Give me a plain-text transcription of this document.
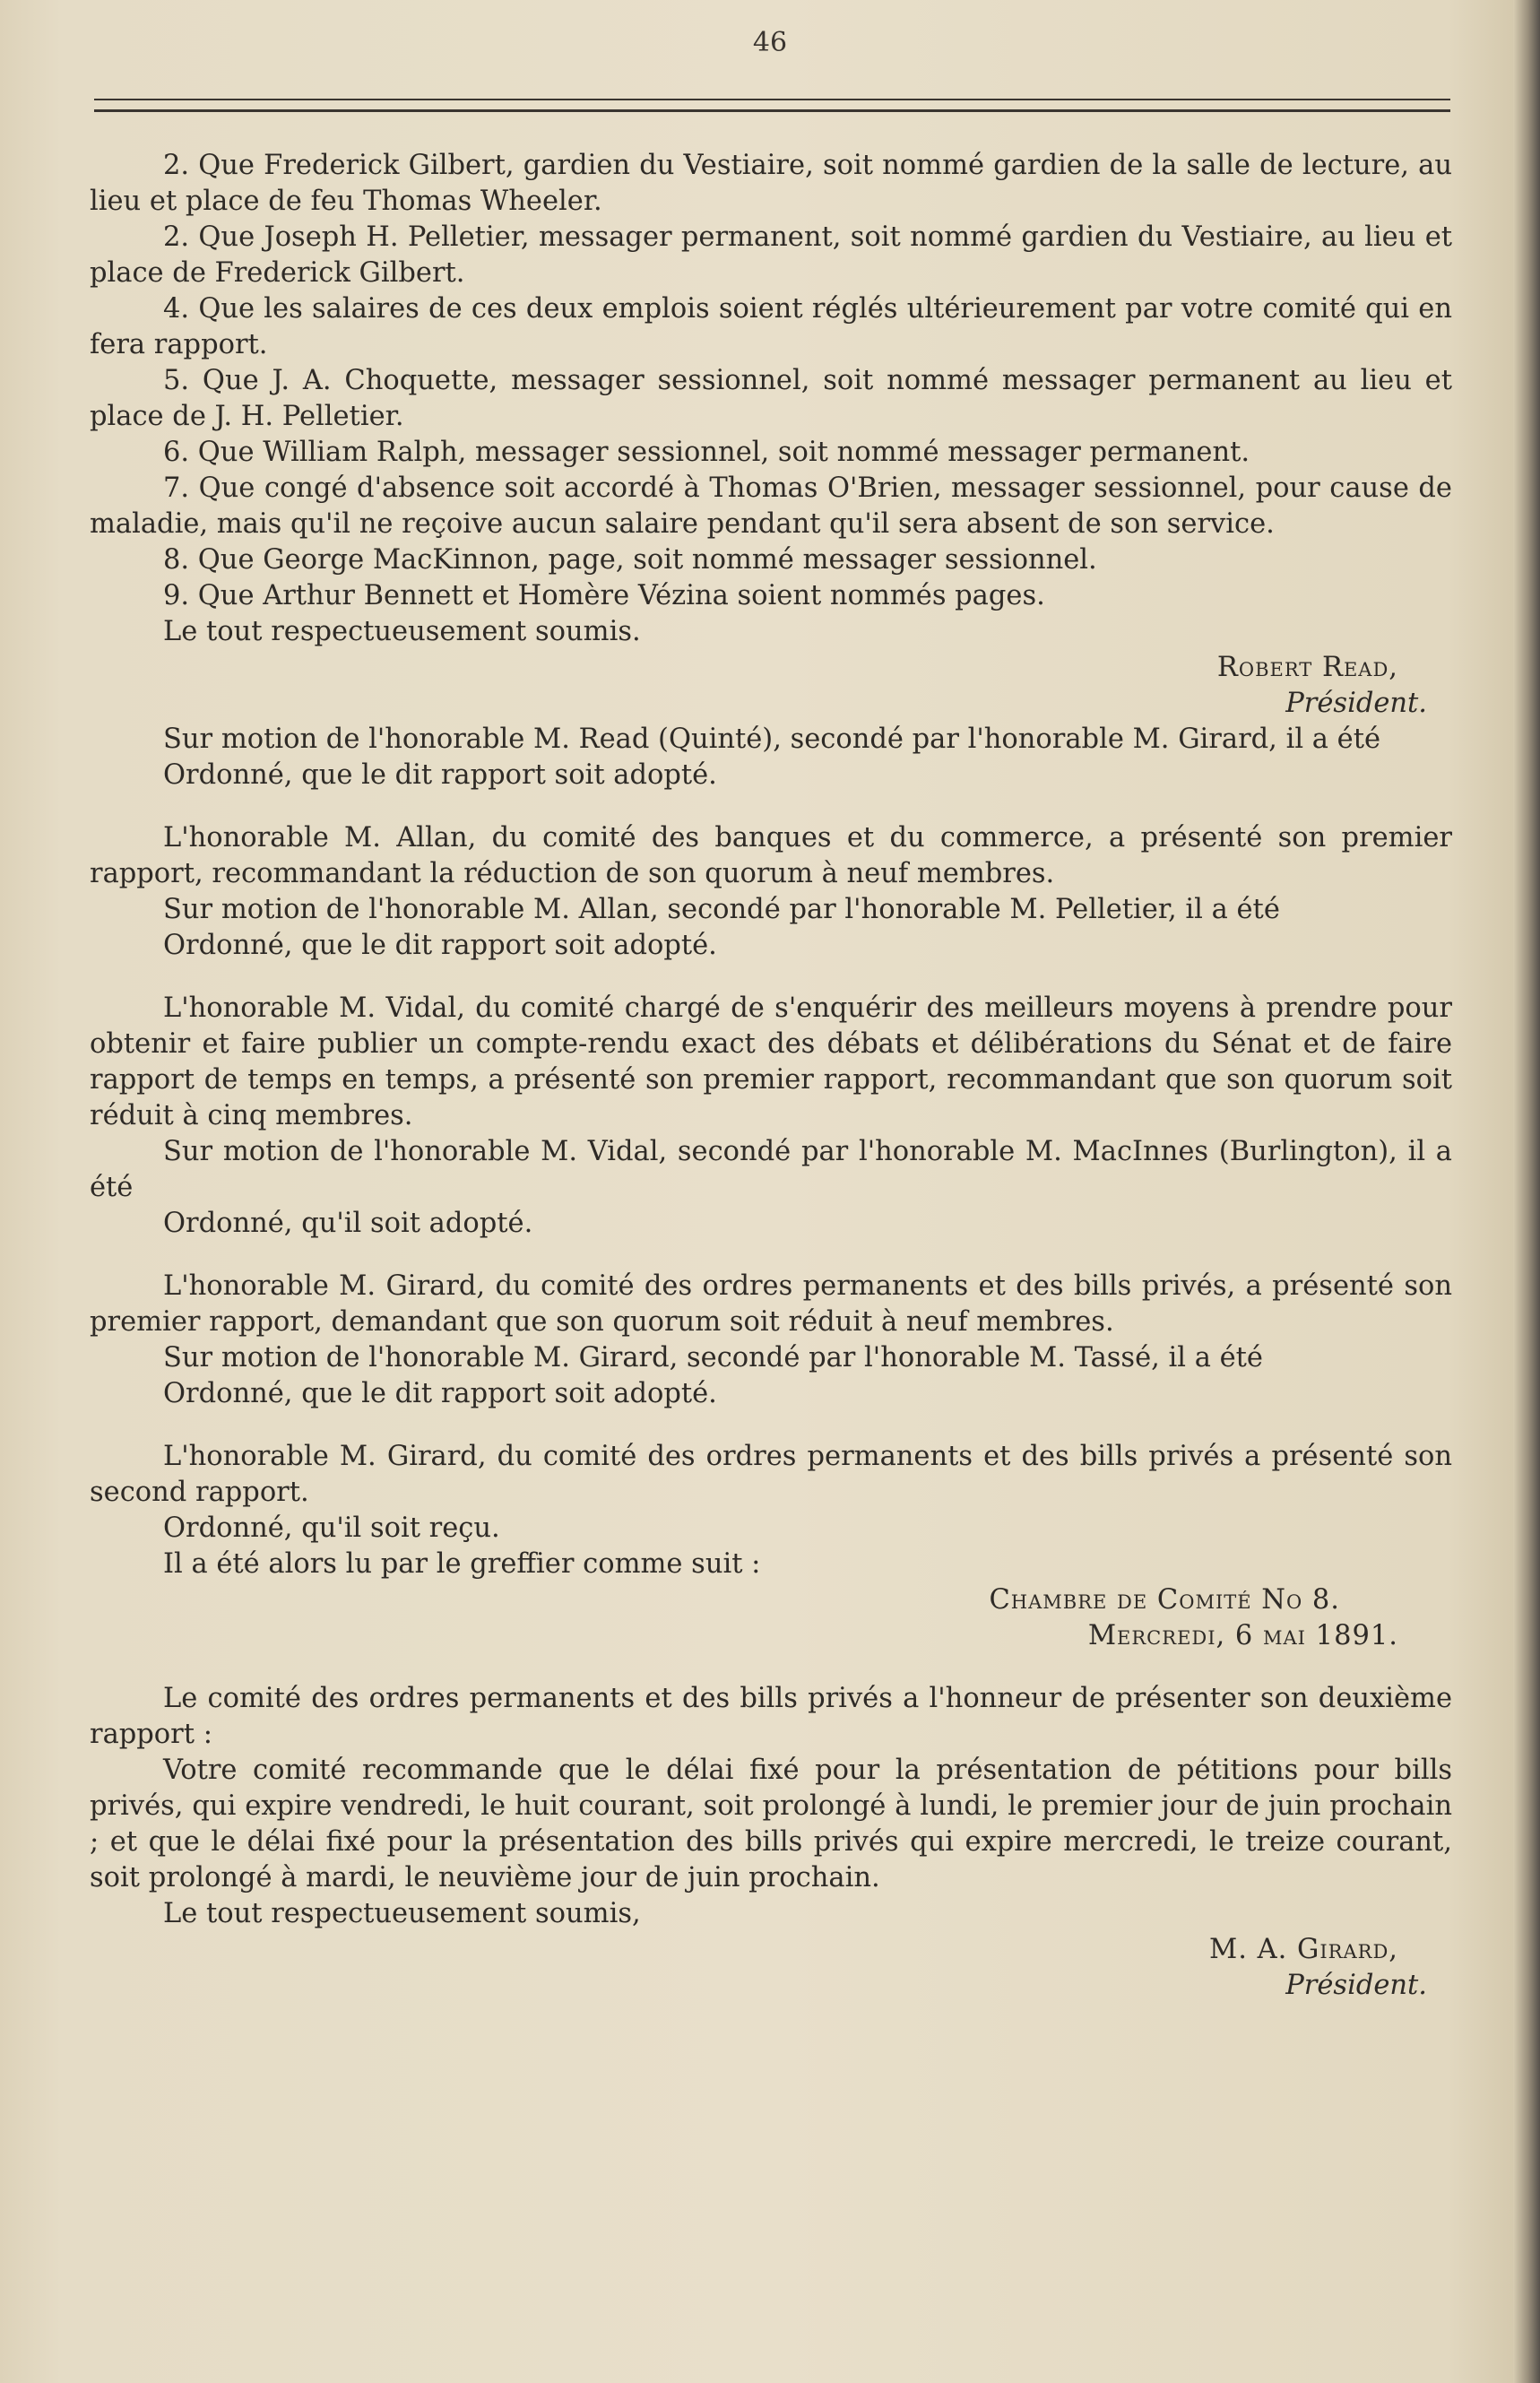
46

2. Que Frederick Gilbert, gardien du Vestiaire, soit nommé gardien de la salle de lecture, au lieu et place de feu Thomas Wheeler.

2. Que Joseph H. Pelletier, messager permanent, soit nommé gardien du Vestiaire, au lieu et place de Frederick Gilbert.

4. Que les salaires de ces deux emplois soient réglés ultérieurement par votre comité qui en fera rapport.

5. Que J. A. Choquette, messager sessionnel, soit nommé messager permanent au lieu et place de J. H. Pelletier.

6. Que William Ralph, messager sessionnel, soit nommé messager permanent.

7. Que congé d'absence soit accordé à Thomas O'Brien, messager sessionnel, pour cause de maladie, mais qu'il ne reçoive aucun salaire pendant qu'il sera absent de son service.

8. Que George MacKinnon, page, soit nommé messager sessionnel.

9. Que Arthur Bennett et Homère Vézina soient nommés pages.

Le tout respectueusement soumis.

Robert Read,

Président.

Sur motion de l'honorable M. Read (Quinté), secondé par l'honorable M. Girard, il a été

Ordonné, que le dit rapport soit adopté.

L'honorable M. Allan, du comité des banques et du commerce, a présenté son premier rapport, recommandant la réduction de son quorum à neuf membres.

Sur motion de l'honorable M. Allan, secondé par l'honorable M. Pelletier, il a été

Ordonné, que le dit rapport soit adopté.

L'honorable M. Vidal, du comité chargé de s'enquérir des meilleurs moyens à prendre pour obtenir et faire publier un compte-rendu exact des débats et délibérations du Sénat et de faire rapport de temps en temps, a présenté son premier rapport, recommandant que son quorum soit réduit à cinq membres.

Sur motion de l'honorable M. Vidal, secondé par l'honorable M. MacInnes (Burlington), il a été

Ordonné, qu'il soit adopté.

L'honorable M. Girard, du comité des ordres permanents et des bills privés, a présenté son premier rapport, demandant que son quorum soit réduit à neuf membres.

Sur motion de l'honorable M. Girard, secondé par l'honorable M. Tassé, il a été

Ordonné, que le dit rapport soit adopté.

L'honorable M. Girard, du comité des ordres permanents et des bills privés a présenté son second rapport.

Ordonné, qu'il soit reçu.

Il a été alors lu par le greffier comme suit :

Chambre de Comité No 8.

Mercredi, 6 mai 1891.

Le comité des ordres permanents et des bills privés a l'honneur de présenter son deuxième rapport :

Votre comité recommande que le délai fixé pour la présentation de pétitions pour bills privés, qui expire vendredi, le huit courant, soit prolongé à lundi, le premier jour de juin prochain ; et que le délai fixé pour la présentation des bills privés qui expire mercredi, le treize courant, soit prolongé à mardi, le neuvième jour de juin prochain.

Le tout respectueusement soumis,

M. A. Girard,

Président.
